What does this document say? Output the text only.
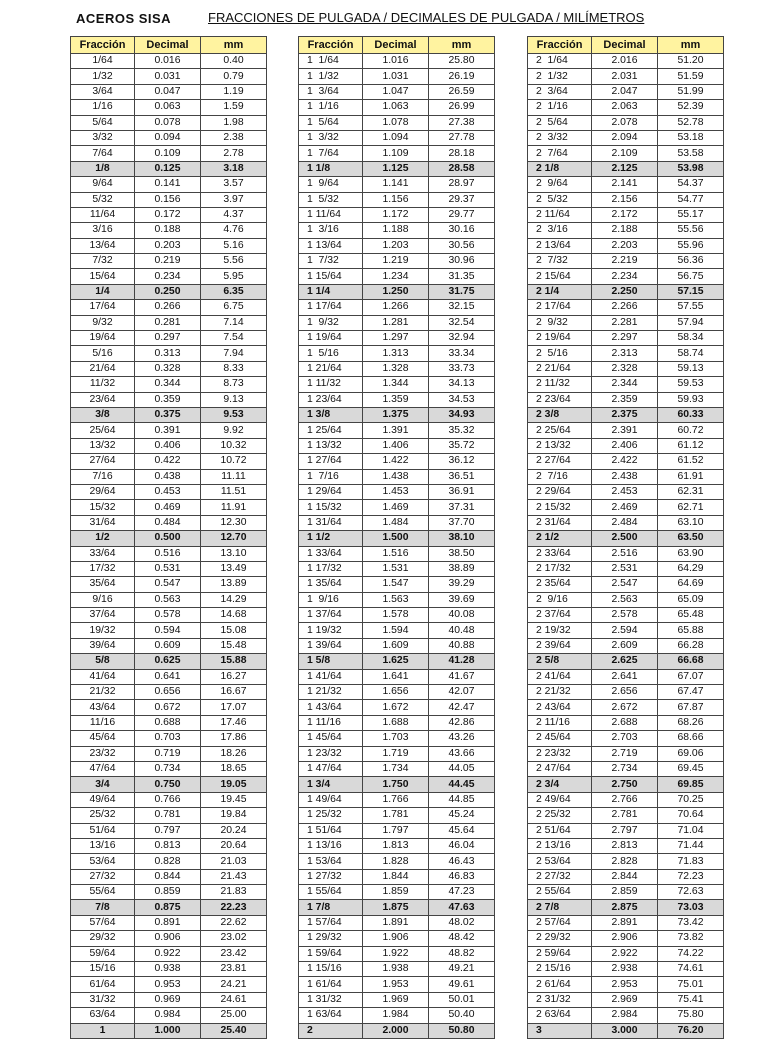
ACEROS SISA	FRACCIONES DE PULGADA / DECIMALES DE PULGADA / MILÍMETROS
Fracción	Decimal	mm
1/64	0.016	0.40
1/32	0.031	0.79
3/64	0.047	1.19
1/16	0.063	1.59
5/64	0.078	1.98
3/32	0.094	2.38
7/64	0.109	2.78
1/8	0.125	3.18
9/64	0.141	3.57
5/32	0.156	3.97
11/64	0.172	4.37
3/16	0.188	4.76
13/64	0.203	5.16
7/32	0.219	5.56
15/64	0.234	5.95
1/4	0.250	6.35
17/64	0.266	6.75
9/32	0.281	7.14
19/64	0.297	7.54
5/16	0.313	7.94
21/64	0.328	8.33
11/32	0.344	8.73
23/64	0.359	9.13
3/8	0.375	9.53
25/64	0.391	9.92
13/32	0.406	10.32
27/64	0.422	10.72
7/16	0.438	11.11
29/64	0.453	11.51
15/32	0.469	11.91
31/64	0.484	12.30
1/2	0.500	12.70
33/64	0.516	13.10
17/32	0.531	13.49
35/64	0.547	13.89
9/16	0.563	14.29
37/64	0.578	14.68
19/32	0.594	15.08
39/64	0.609	15.48
5/8	0.625	15.88
41/64	0.641	16.27
21/32	0.656	16.67
43/64	0.672	17.07
11/16	0.688	17.46
45/64	0.703	17.86
23/32	0.719	18.26
47/64	0.734	18.65
3/4	0.750	19.05
49/64	0.766	19.45
25/32	0.781	19.84
51/64	0.797	20.24
13/16	0.813	20.64
53/64	0.828	21.03
27/32	0.844	21.43
55/64	0.859	21.83
7/8	0.875	22.23
57/64	0.891	22.62
29/32	0.906	23.02
59/64	0.922	23.42
15/16	0.938	23.81
61/64	0.953	24.21
31/32	0.969	24.61
63/64	0.984	25.00
1	1.000	25.40
Fracción	Decimal	mm
1  1/64	1.016	25.80
1  1/32	1.031	26.19
1  3/64	1.047	26.59
1  1/16	1.063	26.99
1  5/64	1.078	27.38
1  3/32	1.094	27.78
1  7/64	1.109	28.18
1 1/8	1.125	28.58
1  9/64	1.141	28.97
1  5/32	1.156	29.37
1 11/64	1.172	29.77
1  3/16	1.188	30.16
1 13/64	1.203	30.56
1  7/32	1.219	30.96
1 15/64	1.234	31.35
1 1/4	1.250	31.75
1 17/64	1.266	32.15
1  9/32	1.281	32.54
1 19/64	1.297	32.94
1  5/16	1.313	33.34
1 21/64	1.328	33.73
1 11/32	1.344	34.13
1 23/64	1.359	34.53
1 3/8	1.375	34.93
1 25/64	1.391	35.32
1 13/32	1.406	35.72
1 27/64	1.422	36.12
1  7/16	1.438	36.51
1 29/64	1.453	36.91
1 15/32	1.469	37.31
1 31/64	1.484	37.70
1 1/2	1.500	38.10
1 33/64	1.516	38.50
1 17/32	1.531	38.89
1 35/64	1.547	39.29
1  9/16	1.563	39.69
1 37/64	1.578	40.08
1 19/32	1.594	40.48
1 39/64	1.609	40.88
1 5/8	1.625	41.28
1 41/64	1.641	41.67
1 21/32	1.656	42.07
1 43/64	1.672	42.47
1 11/16	1.688	42.86
1 45/64	1.703	43.26
1 23/32	1.719	43.66
1 47/64	1.734	44.05
1 3/4	1.750	44.45
1 49/64	1.766	44.85
1 25/32	1.781	45.24
1 51/64	1.797	45.64
1 13/16	1.813	46.04
1 53/64	1.828	46.43
1 27/32	1.844	46.83
1 55/64	1.859	47.23
1 7/8	1.875	47.63
1 57/64	1.891	48.02
1 29/32	1.906	48.42
1 59/64	1.922	48.82
1 15/16	1.938	49.21
1 61/64	1.953	49.61
1 31/32	1.969	50.01
1 63/64	1.984	50.40
2	2.000	50.80
Fracción	Decimal	mm
2  1/64	2.016	51.20
2  1/32	2.031	51.59
2  3/64	2.047	51.99
2  1/16	2.063	52.39
2  5/64	2.078	52.78
2  3/32	2.094	53.18
2  7/64	2.109	53.58
2 1/8	2.125	53.98
2  9/64	2.141	54.37
2  5/32	2.156	54.77
2 11/64	2.172	55.17
2  3/16	2.188	55.56
2 13/64	2.203	55.96
2  7/32	2.219	56.36
2 15/64	2.234	56.75
2 1/4	2.250	57.15
2 17/64	2.266	57.55
2  9/32	2.281	57.94
2 19/64	2.297	58.34
2  5/16	2.313	58.74
2 21/64	2.328	59.13
2 11/32	2.344	59.53
2 23/64	2.359	59.93
2 3/8	2.375	60.33
2 25/64	2.391	60.72
2 13/32	2.406	61.12
2 27/64	2.422	61.52
2  7/16	2.438	61.91
2 29/64	2.453	62.31
2 15/32	2.469	62.71
2 31/64	2.484	63.10
2 1/2	2.500	63.50
2 33/64	2.516	63.90
2 17/32	2.531	64.29
2 35/64	2.547	64.69
2  9/16	2.563	65.09
2 37/64	2.578	65.48
2 19/32	2.594	65.88
2 39/64	2.609	66.28
2 5/8	2.625	66.68
2 41/64	2.641	67.07
2 21/32	2.656	67.47
2 43/64	2.672	67.87
2 11/16	2.688	68.26
2 45/64	2.703	68.66
2 23/32	2.719	69.06
2 47/64	2.734	69.45
2 3/4	2.750	69.85
2 49/64	2.766	70.25
2 25/32	2.781	70.64
2 51/64	2.797	71.04
2 13/16	2.813	71.44
2 53/64	2.828	71.83
2 27/32	2.844	72.23
2 55/64	2.859	72.63
2 7/8	2.875	73.03
2 57/64	2.891	73.42
2 29/32	2.906	73.82
2 59/64	2.922	74.22
2 15/16	2.938	74.61
2 61/64	2.953	75.01
2 31/32	2.969	75.41
2 63/64	2.984	75.80
3	3.000	76.20
